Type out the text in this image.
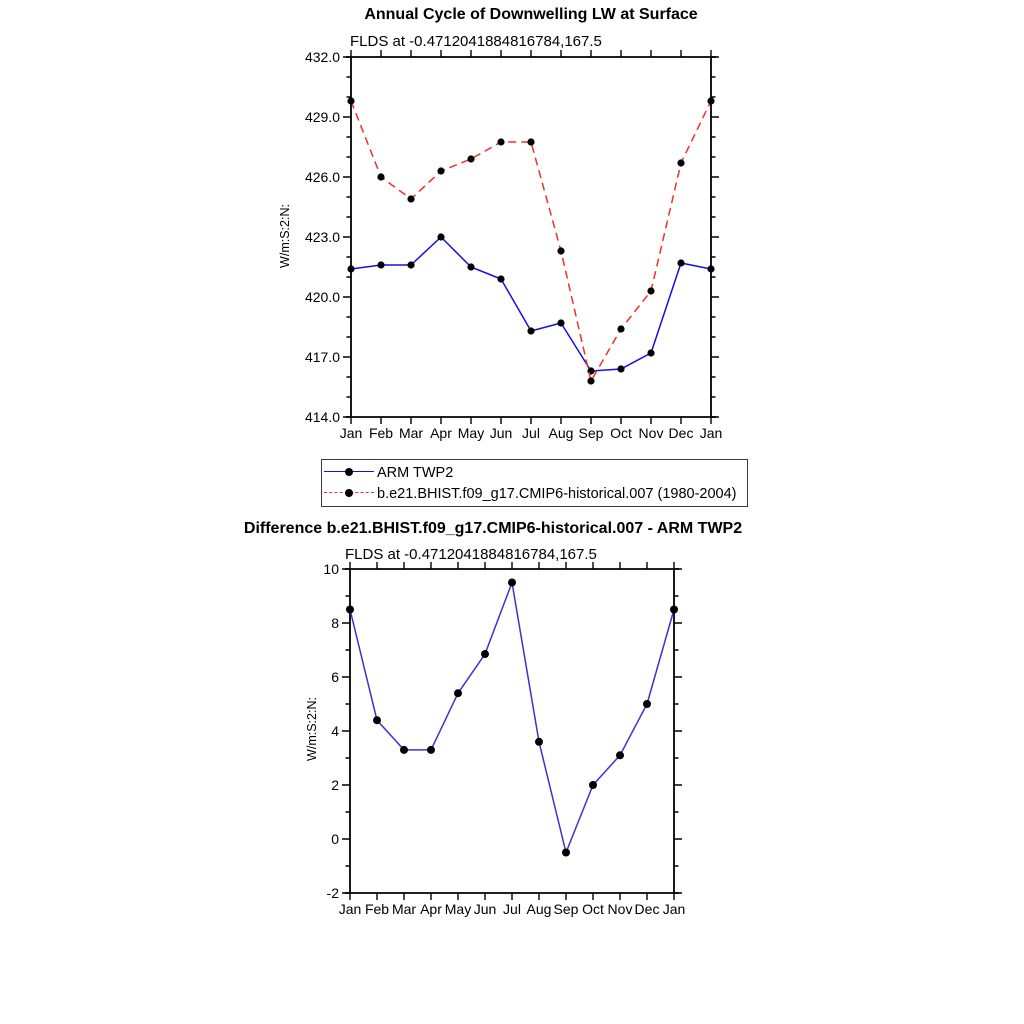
414.0
417.0
420.0
423.0
426.0
429.0
432.0
Jan Feb Mar Apr May Jun Jul Aug Sep Oct Nov Dec Jan
-2
0
2
4
6
8
10
Jan Feb Mar Apr May Jun Jul Aug Sep Oct Nov Dec Jan
Annual Cycle of Downwelling LW at Surface
FLDS at -0.4712041884816784,167.5
W/m:S:2:N:
ARM TWP2
b.e21.BHIST.f09_g17.CMIP6-historical.007 (1980-2004)
Difference b.e21.BHIST.f09_g17.CMIP6-historical.007 - ARM TWP2
FLDS at -0.4712041884816784,167.5
W/m:S:2:N:
